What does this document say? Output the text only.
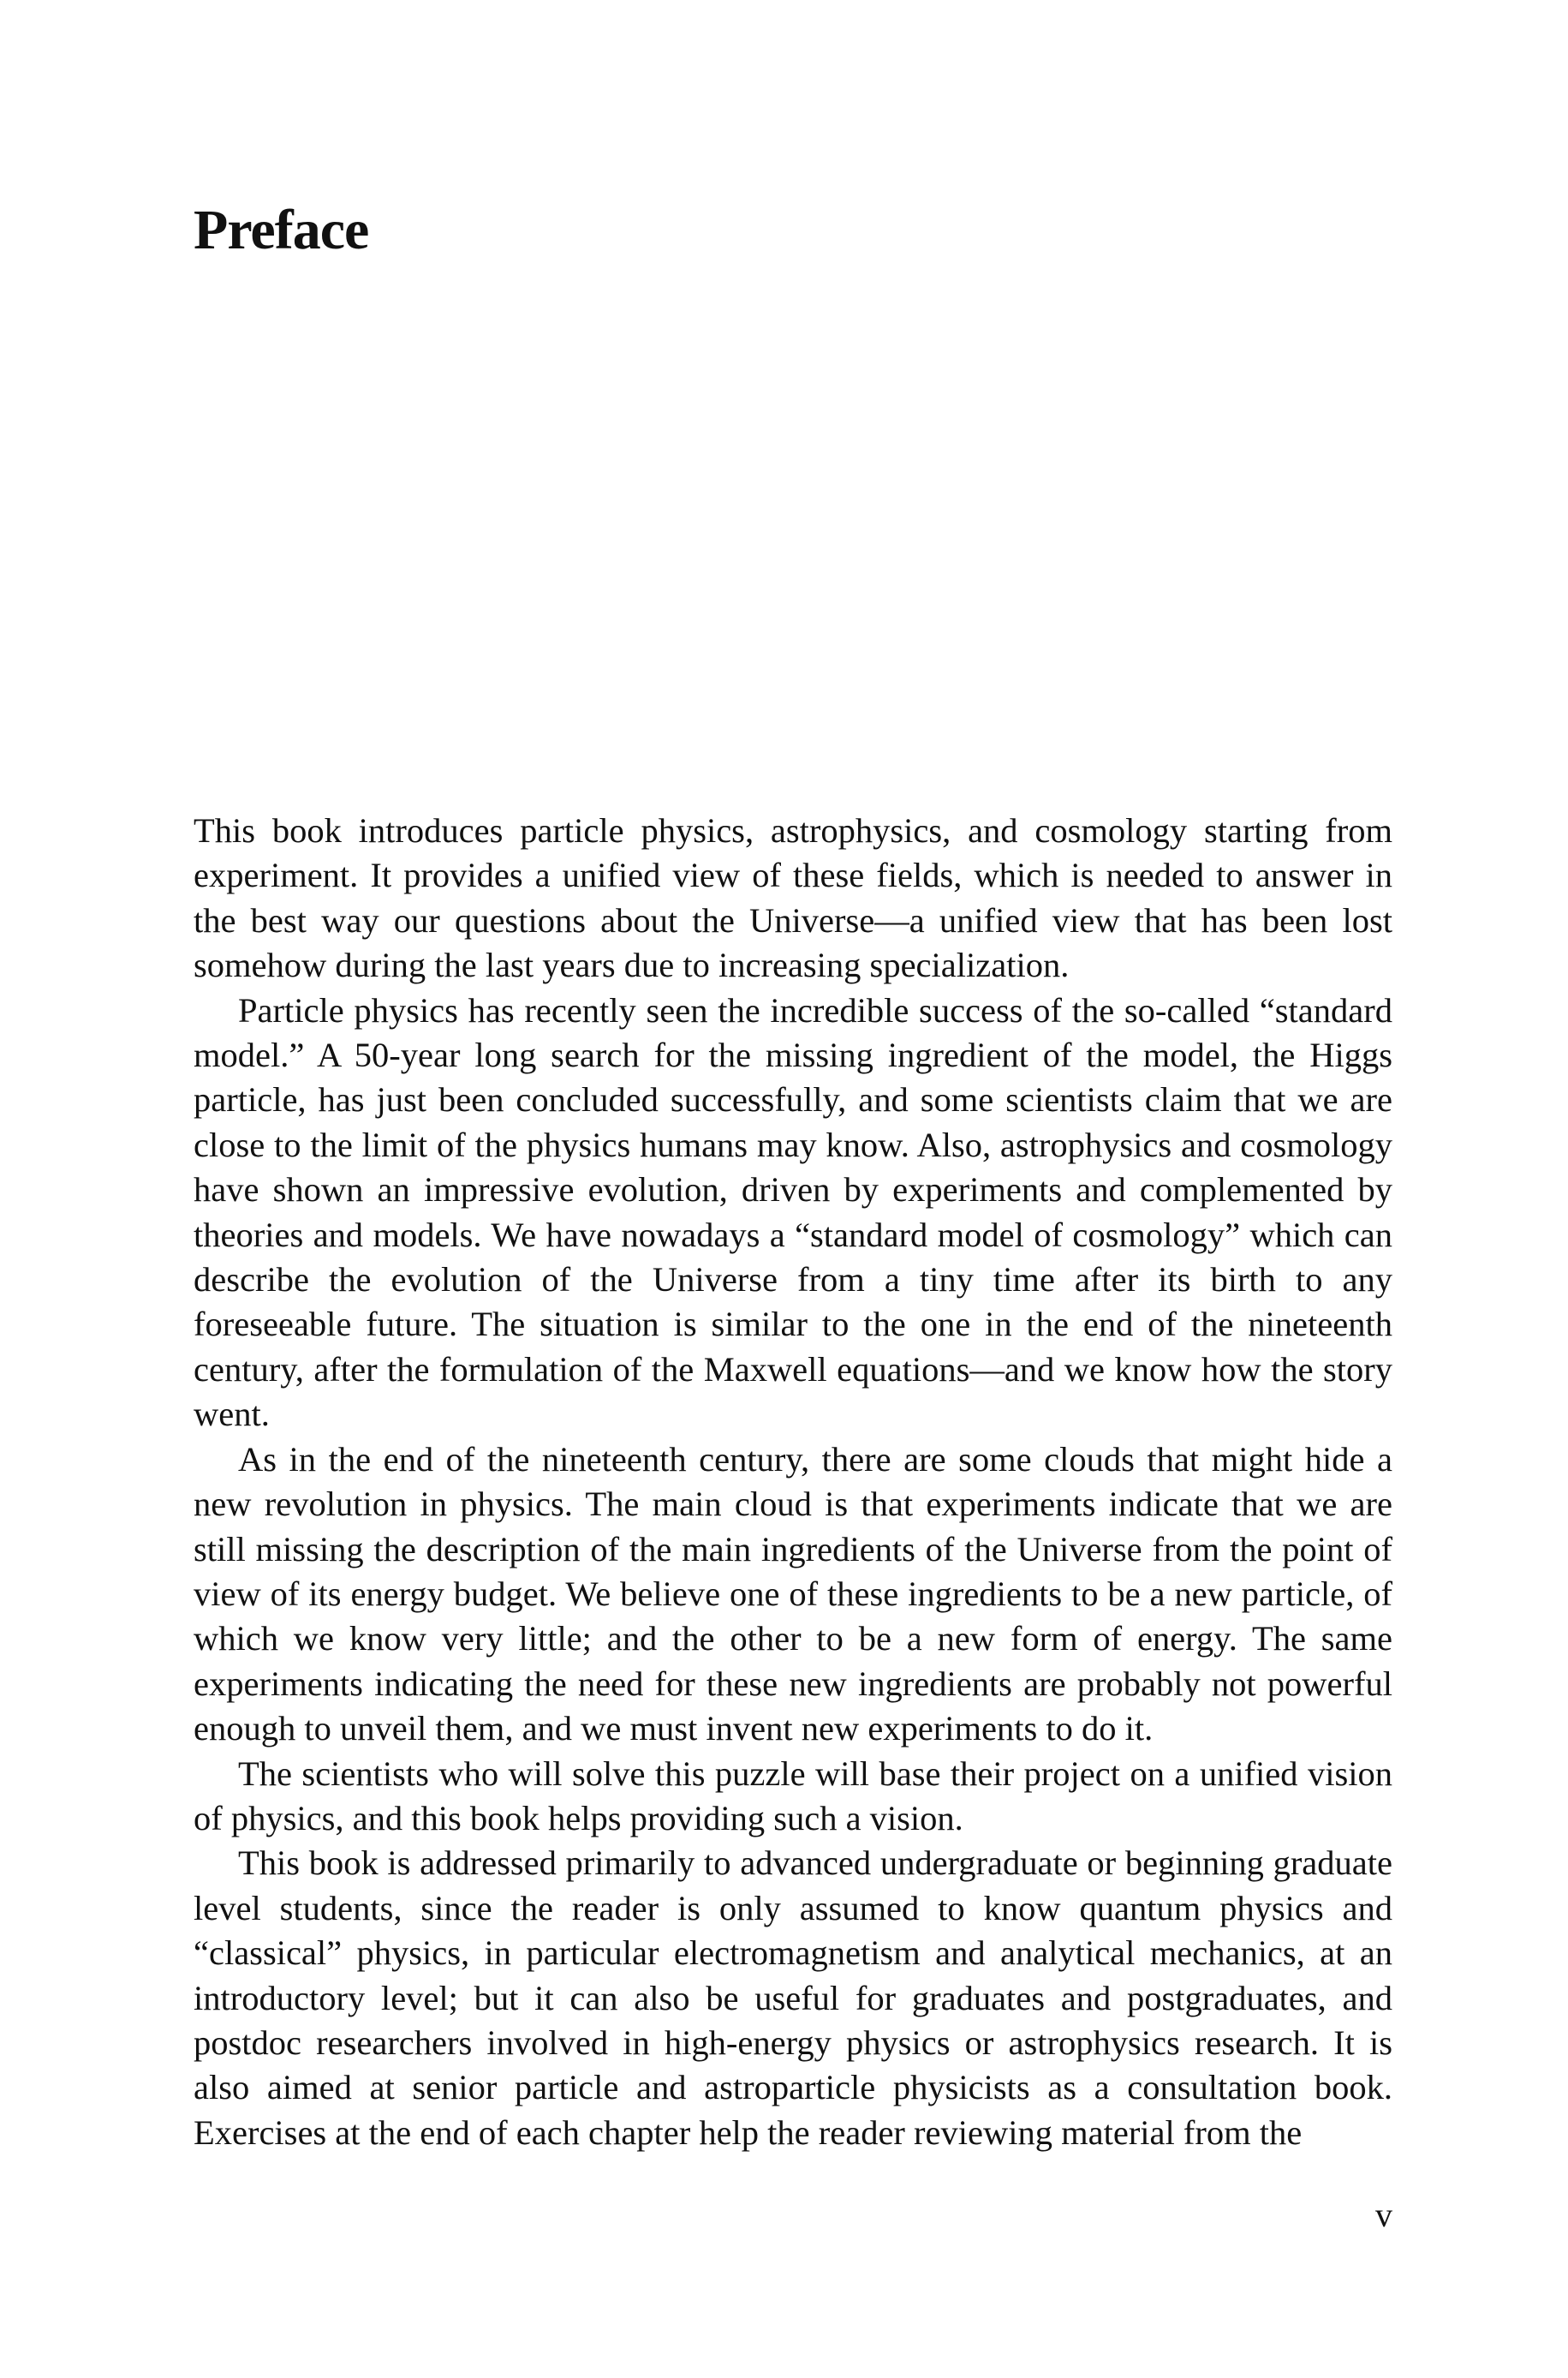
Preface

This book introduces particle physics, astrophysics, and cosmology starting from experiment. It provides a unified view of these fields, which is needed to answer in the best way our questions about the Universe—a unified view that has been lost somehow during the last years due to increasing specialization.

Particle physics has recently seen the incredible success of the so-called “standard model.” A 50-year long search for the missing ingredient of the model, the Higgs particle, has just been concluded successfully, and some scientists claim that we are close to the limit of the physics humans may know. Also, astrophysics and cosmology have shown an impressive evolution, driven by experiments and complemented by theories and models. We have nowadays a “standard model of cosmology” which can describe the evolution of the Universe from a tiny time after its birth to any foreseeable future. The situation is similar to the one in the end of the nineteenth century, after the formulation of the Maxwell equations—and we know how the story went.

As in the end of the nineteenth century, there are some clouds that might hide a new revolution in physics. The main cloud is that experiments indicate that we are still missing the description of the main ingredients of the Universe from the point of view of its energy budget. We believe one of these ingredients to be a new particle, of which we know very little; and the other to be a new form of energy. The same experiments indicating the need for these new ingredients are probably not powerful enough to unveil them, and we must invent new experiments to do it.

The scientists who will solve this puzzle will base their project on a unified vision of physics, and this book helps providing such a vision.

This book is addressed primarily to advanced undergraduate or beginning graduate level students, since the reader is only assumed to know quantum physics and “classical” physics, in particular electromagnetism and analytical mechanics, at an introductory level; but it can also be useful for graduates and postgraduates, and postdoc researchers involved in high-energy physics or astrophysics research. It is also aimed at senior particle and astroparticle physicists as a consultation book. Exercises at the end of each chapter help the reader reviewing material from the

v
